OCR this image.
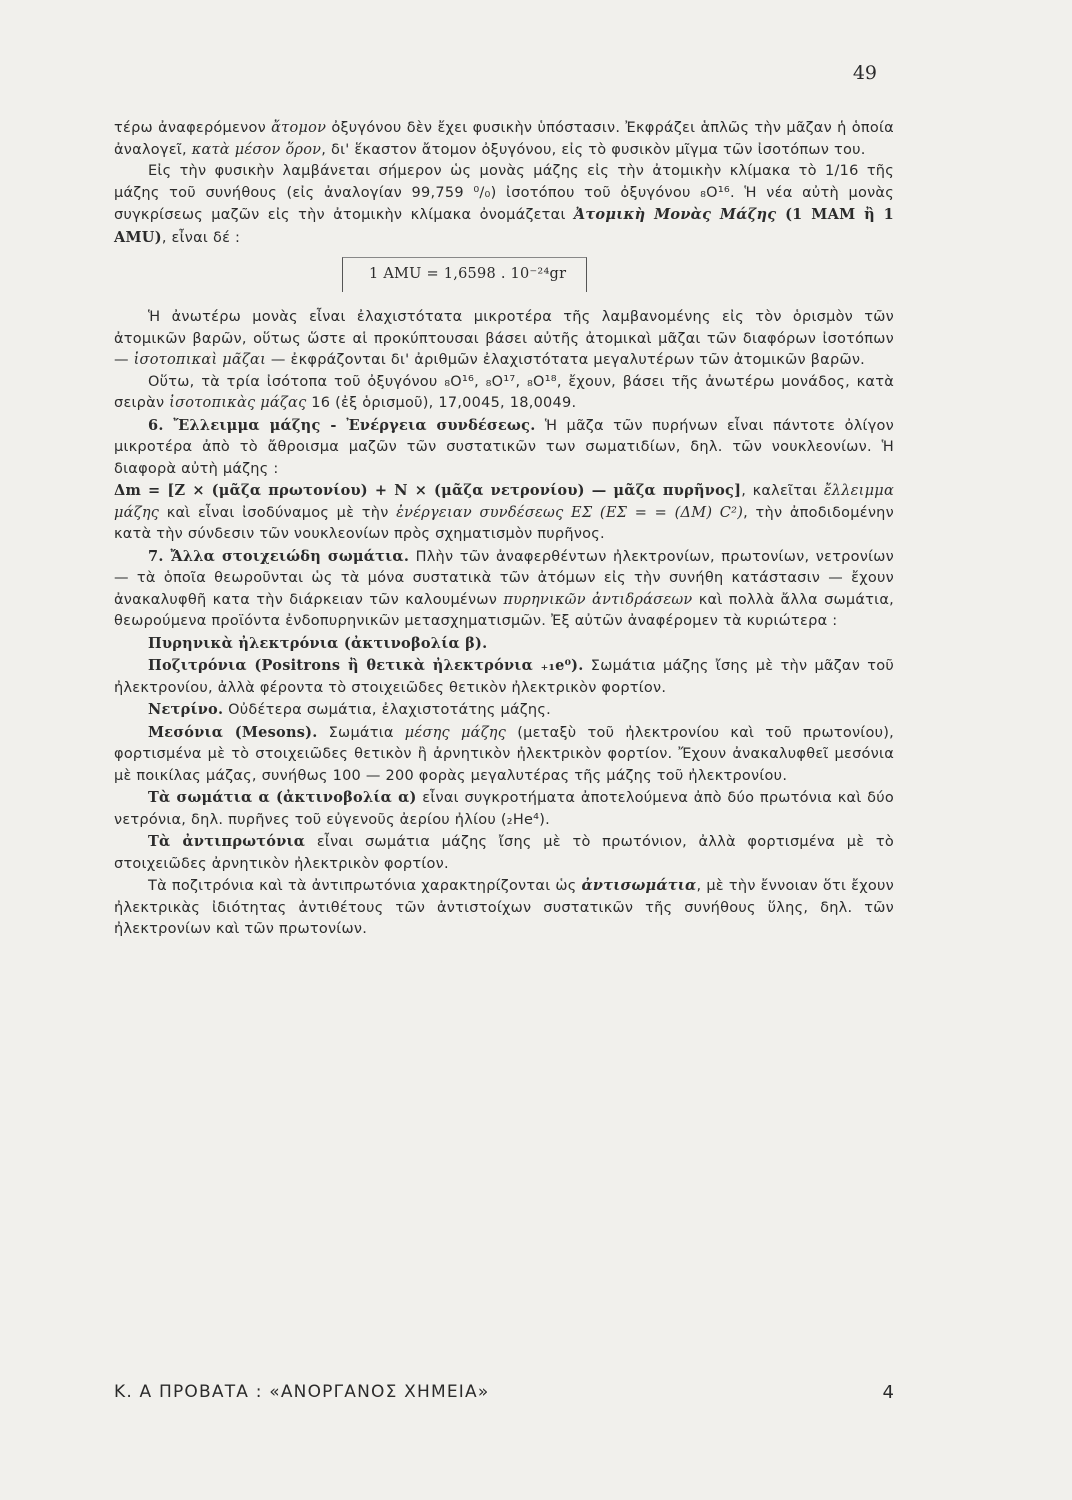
49

τέρω ἀναφερόμενον ἄτομον ὀξυγόνου δὲν ἔχει φυσικὴν ὑπόστασιν. Ἐκφράζει ἁπλῶς τὴν μᾶζαν ἡ ὁποία ἀναλογεῖ, κατὰ μέσον ὅρον, δι' ἕκαστον ἄτομον ὀξυγόνου, εἰς τὸ φυσικὸν μῖγμα τῶν ἰσοτόπων του.

Εἰς τὴν φυσικὴν λαμβάνεται σήμερον ὡς μονὰς μάζης εἰς τὴν ἀτομικὴν κλίμακα τὸ 1/16 τῆς μάζης τοῦ συνήθους (εἰς ἀναλογίαν 99,759 ⁰/₀) ἰσοτόπου τοῦ ὀξυγόνου ₈O¹⁶. Ἡ νέα αὐτὴ μονὰς συγκρίσεως μαζῶν εἰς τὴν ἀτομικὴν κλίμακα ὀνομάζεται Ἀτομικὴ Μονὰς Μάζης (1 MAM ἢ 1 AMU), εἶναι δέ :

1 AMU = 1,6598 . 10⁻²⁴gr

Ἡ ἀνωτέρω μονὰς εἶναι ἐλαχιστότατα μικροτέρα τῆς λαμβανομένης εἰς τὸν ὁρισμὸν τῶν ἀτομικῶν βαρῶν, οὕτως ὥστε αἱ προκύπτουσαι βάσει αὐτῆς ἀτομικαὶ μᾶζαι τῶν διαφόρων ἰσοτόπων — ἰσοτοπικαὶ μᾶζαι — ἐκφράζονται δι' ἀριθμῶν ἐλαχιστότατα μεγαλυτέρων τῶν ἀτομικῶν βαρῶν.

Οὕτω, τὰ τρία ἰσότοπα τοῦ ὀξυγόνου ₈O¹⁶, ₈O¹⁷, ₈O¹⁸, ἔχουν, βάσει τῆς ἀνωτέρω μονάδος, κατὰ σειρὰν ἰσοτοπικὰς μάζας 16 (ἐξ ὁρισμοῦ), 17,0045, 18,0049.

6. Ἔλλειμμα μάζης - Ἐνέργεια συνδέσεως. Ἡ μᾶζα τῶν πυρήνων εἶναι πάντοτε ὀλίγον μικροτέρα ἀπὸ τὸ ἄθροισμα μαζῶν τῶν συστατικῶν των σωματιδίων, δηλ. τῶν νουκλεονίων. Ἡ διαφορὰ αὐτὴ μάζης :
Δm = [Z × (μᾶζα πρωτονίου) + N × (μᾶζα νετρονίου) — μᾶζα πυρῆνος], καλεῖται ἔλλειμμα μάζης καὶ εἶναι ἰσοδύναμος μὲ τὴν ἐνέργειαν συνδέσεως EΣ (EΣ = = (ΔΜ) C²), τὴν ἀποδιδομένην κατὰ τὴν σύνδεσιν τῶν νουκλεονίων πρὸς σχηματισμὸν πυρῆνος.

7. Ἄλλα στοιχειώδη σωμάτια. Πλὴν τῶν ἀναφερθέντων ἠλεκτρονίων, πρωτονίων, νετρονίων — τὰ ὁποῖα θεωροῦνται ὡς τὰ μόνα συστατικὰ τῶν ἀτόμων εἰς τὴν συνήθη κατάστασιν — ἔχουν ἀνακαλυφθῆ κατα τὴν διάρκειαν τῶν καλουμένων πυρηνικῶν ἀντιδράσεων καὶ πολλὰ ἄλλα σωμάτια, θεωρούμενα προϊόντα ἐνδοπυρηνικῶν μετασχηματισμῶν. Ἐξ αὐτῶν ἀναφέρομεν τὰ κυριώτερα :

Πυρηνικὰ ἠλεκτρόνια (ἀκτινοβολία β).

Ποζιτρόνια (Positrons ἢ θετικὰ ἠλεκτρόνια ₊₁e⁰). Σωμάτια μάζης ἴσης μὲ τὴν μᾶζαν τοῦ ἠλεκτρονίου, ἀλλὰ φέροντα τὸ στοιχειῶδες θετικὸν ἠλεκτρικὸν φορτίον.

Νετρίνο. Οὐδέτερα σωμάτια, ἐλαχιστοτάτης μάζης.

Μεσόνια (Mesons). Σωμάτια μέσης μάζης (μεταξὺ τοῦ ἠλεκτρονίου καὶ τοῦ πρωτονίου), φορτισμένα μὲ τὸ στοιχειῶδες θετικὸν ἢ ἀρνητικὸν ἠλεκτρικὸν φορτίον. Ἔχουν ἀνακαλυφθεῖ μεσόνια μὲ ποικίλας μάζας, συνήθως 100 — 200 φορὰς μεγαλυτέρας τῆς μάζης τοῦ ἠλεκτρονίου.

Τὰ σωμάτια α (ἀκτινοβολία α) εἶναι συγκροτήματα ἀποτελούμενα ἀπὸ δύο πρωτόνια καὶ δύο νετρόνια, δηλ. πυρῆνες τοῦ εὐγενοῦς ἀερίου ἠλίου (₂He⁴).

Τὰ ἀντιπρωτόνια εἶναι σωμάτια μάζης ἴσης μὲ τὸ πρωτόνιον, ἀλλὰ φορτισμένα μὲ τὸ στοιχειῶδες ἀρνητικὸν ἠλεκτρικὸν φορτίον.

Τὰ ποζιτρόνια καὶ τὰ ἀντιπρωτόνια χαρακτηρίζονται ὡς ἀντισωμάτια, μὲ τὴν ἔννοιαν ὅτι ἔχουν ἠλεκτρικὰς ἰδιότητας ἀντιθέτους τῶν ἀντιστοίχων συστατικῶν τῆς συνήθους ὕλης, δηλ. τῶν ἠλεκτρονίων καὶ τῶν πρωτονίων.

Κ. Α ΠΡΟΒΑΤΑ : «ΑΝΟΡΓΑΝΟΣ ΧΗΜΕΙΑ»	4
